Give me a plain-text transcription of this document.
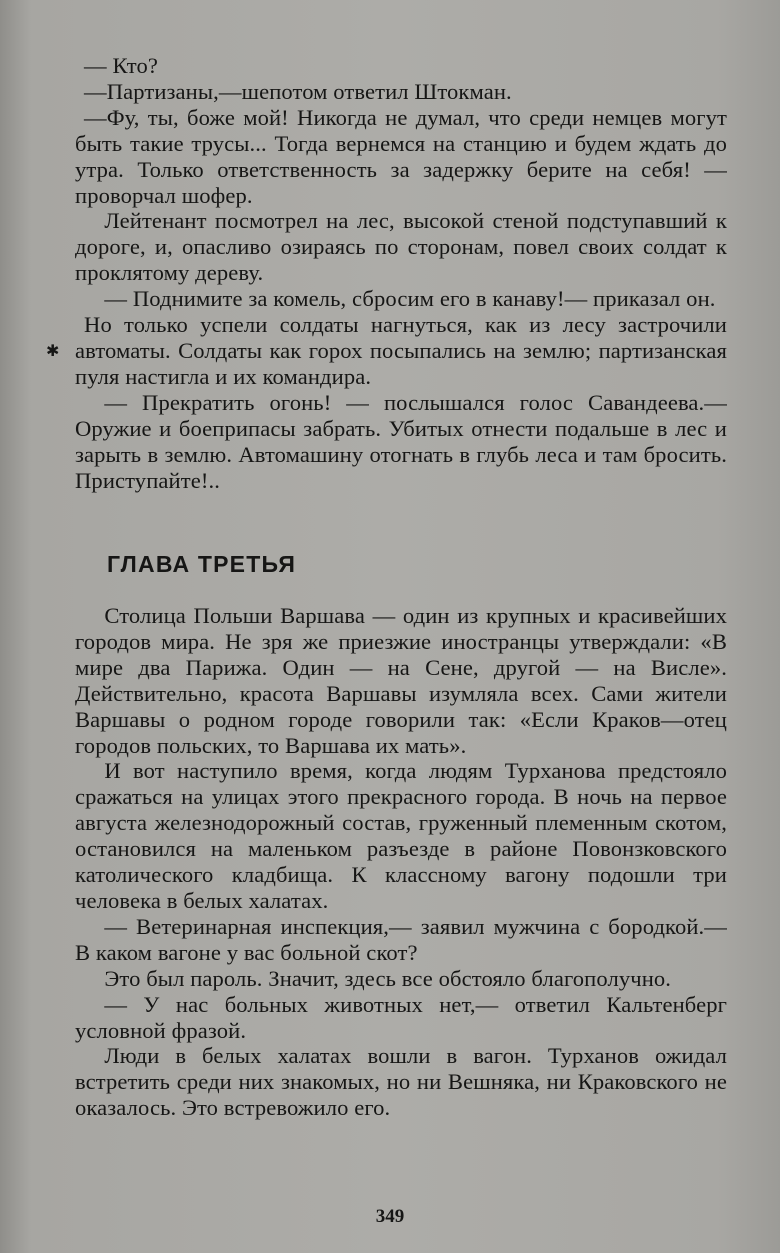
✱

— Кто?

—Партизаны,—шепотом ответил Штокман.

—Фу, ты, боже мой! Никогда не думал, что среди немцев могут быть такие трусы... Тогда вернемся на станцию и будем ждать до утра. Только ответственность за задержку берите на себя! — проворчал шофер.

Лейтенант посмотрел на лес, высокой стеной подступавший к дороге, и, опасливо озираясь по сторонам, повел своих солдат к проклятому дереву.

— Поднимите за комель, сбросим его в канаву!— приказал он.

Но только успели солдаты нагнуться, как из лесу застрочили автоматы. Солдаты как горох посыпались на землю; партизанская пуля настигла и их командира.

— Прекратить огонь! — послышался голос Савандеева.— Оружие и боеприпасы забрать. Убитых отнести подальше в лес и зарыть в землю. Автомашину отогнать в глубь леса и там бросить. Приступайте!..

ГЛАВА ТРЕТЬЯ

Столица Польши Варшава — один из крупных и красивейших городов мира. Не зря же приезжие иностранцы утверждали: «В мире два Парижа. Один — на Сене, другой — на Висле». Действительно, красота Варшавы изумляла всех. Сами жители Варшавы о родном городе говорили так: «Если Краков—отец городов польских, то Варшава их мать».

И вот наступило время, когда людям Турханова предстояло сражаться на улицах этого прекрасного города. В ночь на первое августа железнодорожный состав, груженный племенным скотом, остановился на маленьком разъезде в районе Повонзковского католического кладбища. К классному вагону подошли три человека в белых халатах.

— Ветеринарная инспекция,— заявил мужчина с бородкой.— В каком вагоне у вас больной скот?

Это был пароль. Значит, здесь все обстояло благополучно.

— У нас больных животных нет,— ответил Кальтенберг условной фразой.

Люди в белых халатах вошли в вагон. Турханов ожидал встретить среди них знакомых, но ни Вешняка, ни Краковского не оказалось. Это встревожило его.

349
